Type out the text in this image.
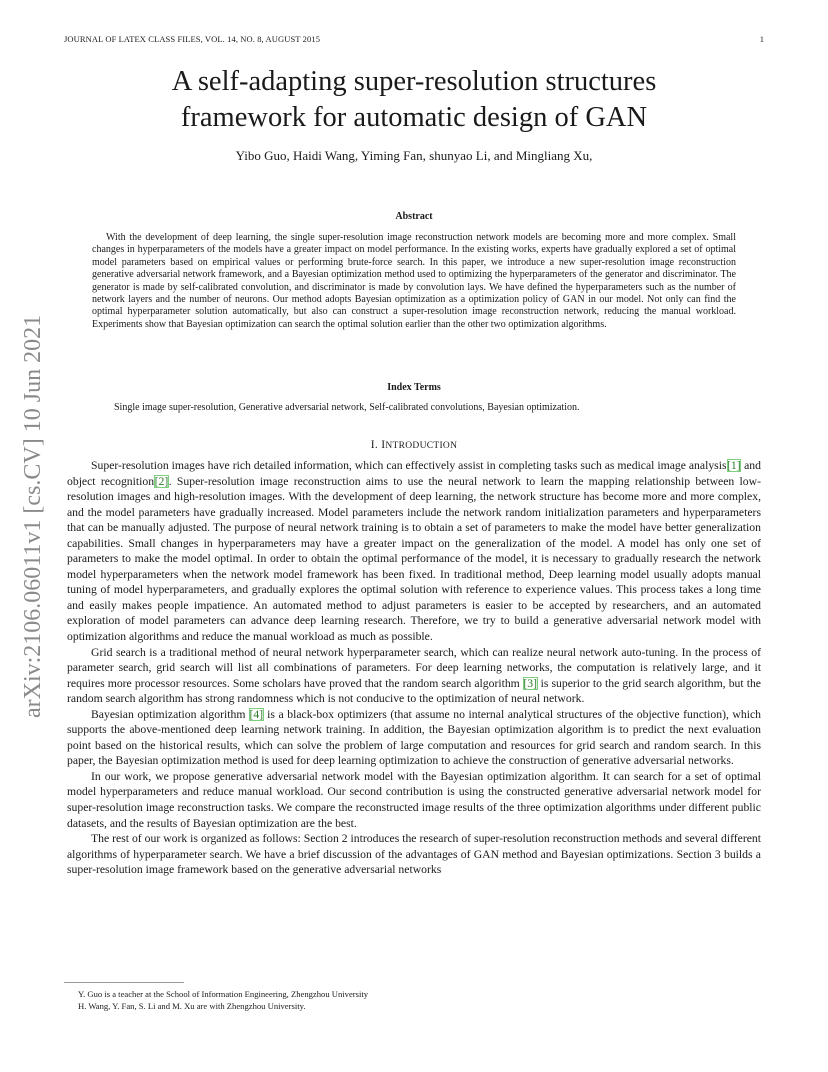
JOURNAL OF LATEX CLASS FILES, VOL. 14, NO. 8, AUGUST 2015	1
arXiv:2106.06011v1 [cs.CV] 10 Jun 2021
A self-adapting super-resolution structures
framework for automatic design of GAN
Yibo Guo, Haidi Wang, Yiming Fan, shunyao Li, and Mingliang Xu,
Abstract
With the development of deep learning, the single super-resolution image reconstruction network models are becoming more and more complex. Small changes in hyperparameters of the models have a greater impact on model performance. In the existing works, experts have gradually explored a set of optimal model parameters based on empirical values or performing brute-force search. In this paper, we introduce a new super-resolution image reconstruction generative adversarial network framework, and a Bayesian optimization method used to optimizing the hyperparameters of the generator and discriminator. The generator is made by self-calibrated convolution, and discriminator is made by convolution lays. We have defined the hyperparameters such as the number of network layers and the number of neurons. Our method adopts Bayesian optimization as a optimization policy of GAN in our model. Not only can find the optimal hyperparameter solution automatically, but also can construct a super-resolution image reconstruction network, reducing the manual workload. Experiments show that Bayesian optimization can search the optimal solution earlier than the other two optimization algorithms.
Index Terms
Single image super-resolution, Generative adversarial network, Self-calibrated convolutions, Bayesian optimization.
I. INTRODUCTION

Super-resolution images have rich detailed information, which can effectively assist in completing tasks such as medical image analysis[1] and object recognition[2]. Super-resolution image reconstruction aims to use the neural network to learn the mapping relationship between low-resolution images and high-resolution images. With the development of deep learning, the network structure has become more and more complex, and the model parameters have gradually increased. Model parameters include the network random initialization parameters and hyperparameters that can be manually adjusted. The purpose of neural network training is to obtain a set of parameters to make the model have better generalization capabilities. Small changes in hyperparameters may have a greater impact on the generalization of the model. A model has only one set of parameters to make the model optimal. In order to obtain the optimal performance of the model, it is necessary to gradually research the network model hyperparameters when the network model framework has been fixed. In traditional method, Deep learning model usually adopts manual tuning of model hyperparameters, and gradually explores the optimal solution with reference to experience values. This process takes a long time and easily makes people impatience. An automated method to adjust parameters is easier to be accepted by researchers, and an automated exploration of model parameters can advance deep learning research. Therefore, we try to build a generative adversarial network model with optimization algorithms and reduce the manual workload as much as possible.

Grid search is a traditional method of neural network hyperparameter search, which can realize neural network auto-tuning. In the process of parameter search, grid search will list all combinations of parameters. For deep learning networks, the computation is relatively large, and it requires more processor resources. Some scholars have proved that the random search algorithm [3] is superior to the grid search algorithm, but the random search algorithm has strong randomness which is not conducive to the optimization of neural network.

Bayesian optimization algorithm [4] is a black-box optimizers (that assume no internal analytical structures of the objective function), which supports the above-mentioned deep learning network training. In addition, the Bayesian optimization algorithm is to predict the next evaluation point based on the historical results, which can solve the problem of large computation and resources for grid search and random search. In this paper, the Bayesian optimization method is used for deep learning optimization to achieve the construction of generative adversarial networks.

In our work, we propose generative adversarial network model with the Bayesian optimization algorithm. It can search for a set of optimal model hyperparameters and reduce manual workload. Our second contribution is using the constructed generative adversarial network model for super-resolution image reconstruction tasks. We compare the reconstructed image results of the three optimization algorithms under different public datasets, and the results of Bayesian optimization are the best.

The rest of our work is organized as follows: Section 2 introduces the research of super-resolution reconstruction methods and several different algorithms of hyperparameter search. We have a brief discussion of the advantages of GAN method and Bayesian optimizations. Section 3 builds a super-resolution image framework based on the generative adversarial networks

Y. Guo is a teacher at the School of Information Engineering, Zhengzhou University
H. Wang, Y. Fan, S. Li and M. Xu are with Zhengzhou University.
